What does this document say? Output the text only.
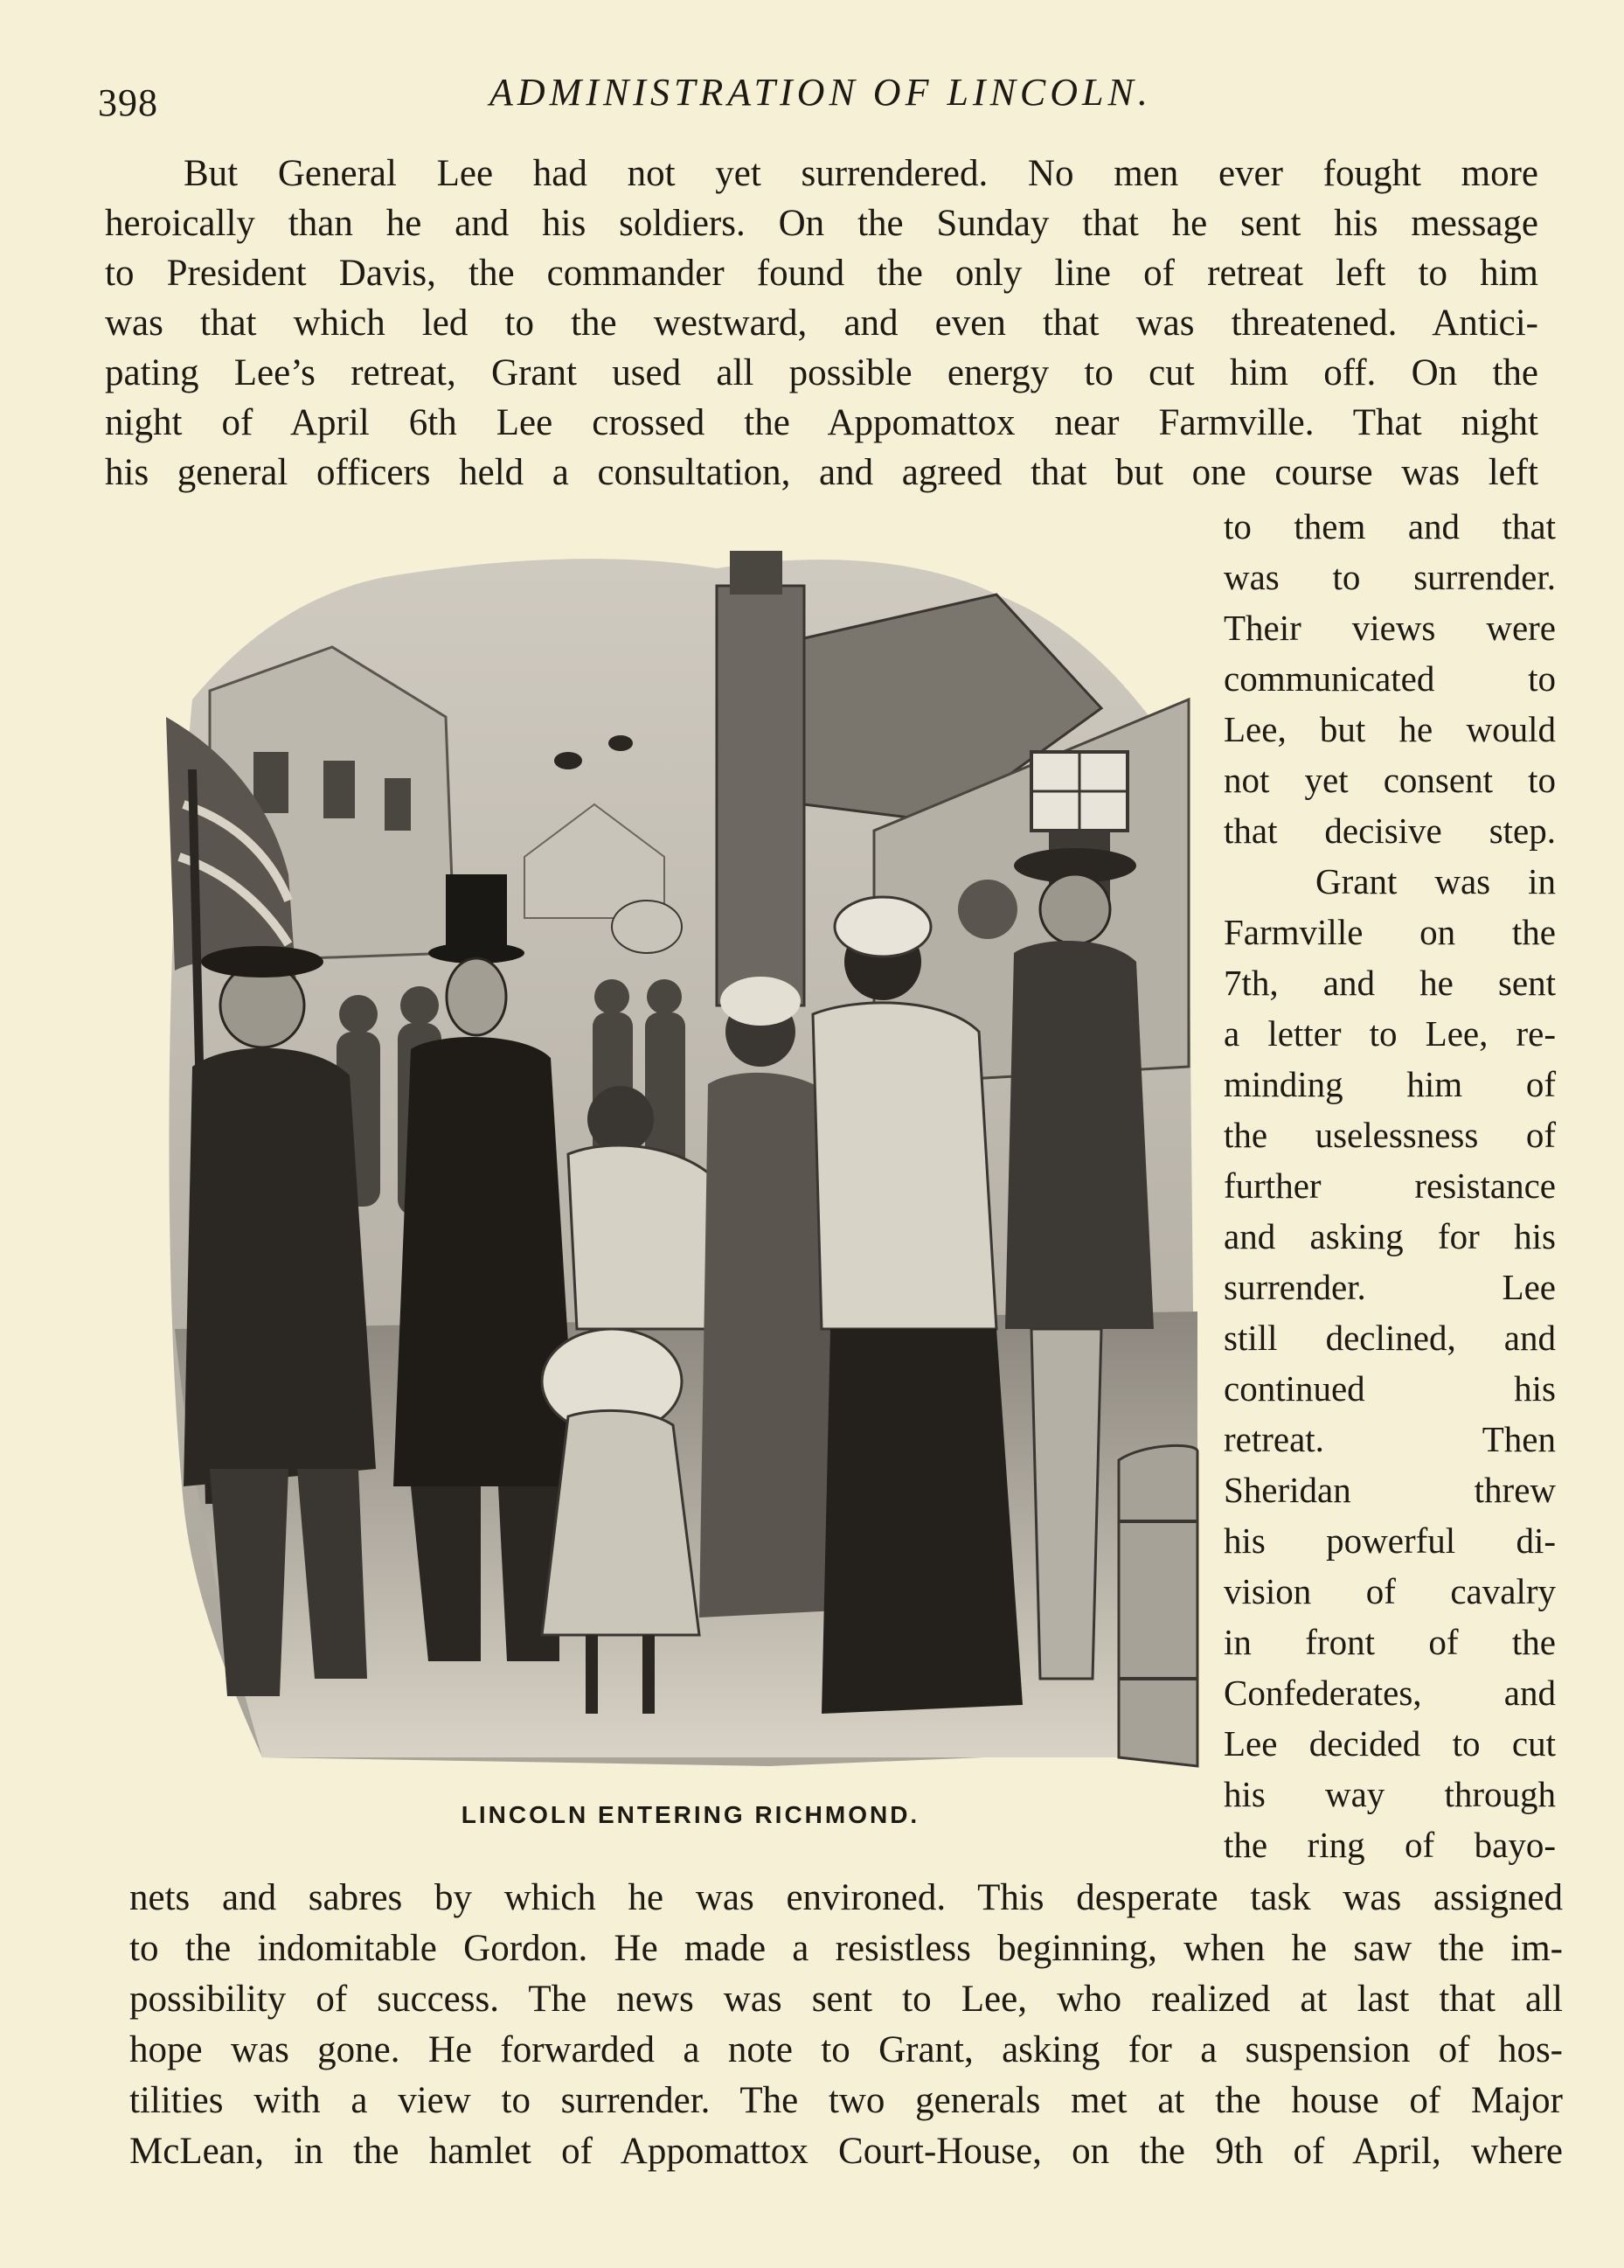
398	ADMINISTRATION OF LINCOLN.

But General Lee had not yet surrendered. No men ever fought more

heroically than he and his soldiers. On the Sunday that he sent his message

to President Davis, the commander found the only line of retreat left to him

was that which led to the westward, and even that was threatened. Antici-

pating Lee’s retreat, Grant used all possible energy to cut him off. On the

night of April 6th Lee crossed the Appomattox near Farmville. That night

his general officers held a consultation, and agreed that but one course was left

LINCOLN ENTERING RICHMOND.

to them and that

was to surrender.

Their views were

communicated to

Lee, but he would

not yet consent to

that decisive step.

Grant was in

Farmville on the

7th, and he sent

a letter to Lee, re-

minding him of

the uselessness of

further resistance

and asking for his

surrender. Lee

still declined, and

continued his

retreat. Then

Sheridan threw

his powerful di-

vision of cavalry

in front of the

Confederates, and

Lee decided to cut

his way through

the ring of bayo-

nets and sabres by which he was environed. This desperate task was assigned

to the indomitable Gordon. He made a resistless beginning, when he saw the im-

possibility of success. The news was sent to Lee, who realized at last that all

hope was gone. He forwarded a note to Grant, asking for a suspension of hos-

tilities with a view to surrender. The two generals met at the house of Major

McLean, in the hamlet of Appomattox Court-House, on the 9th of April, where
